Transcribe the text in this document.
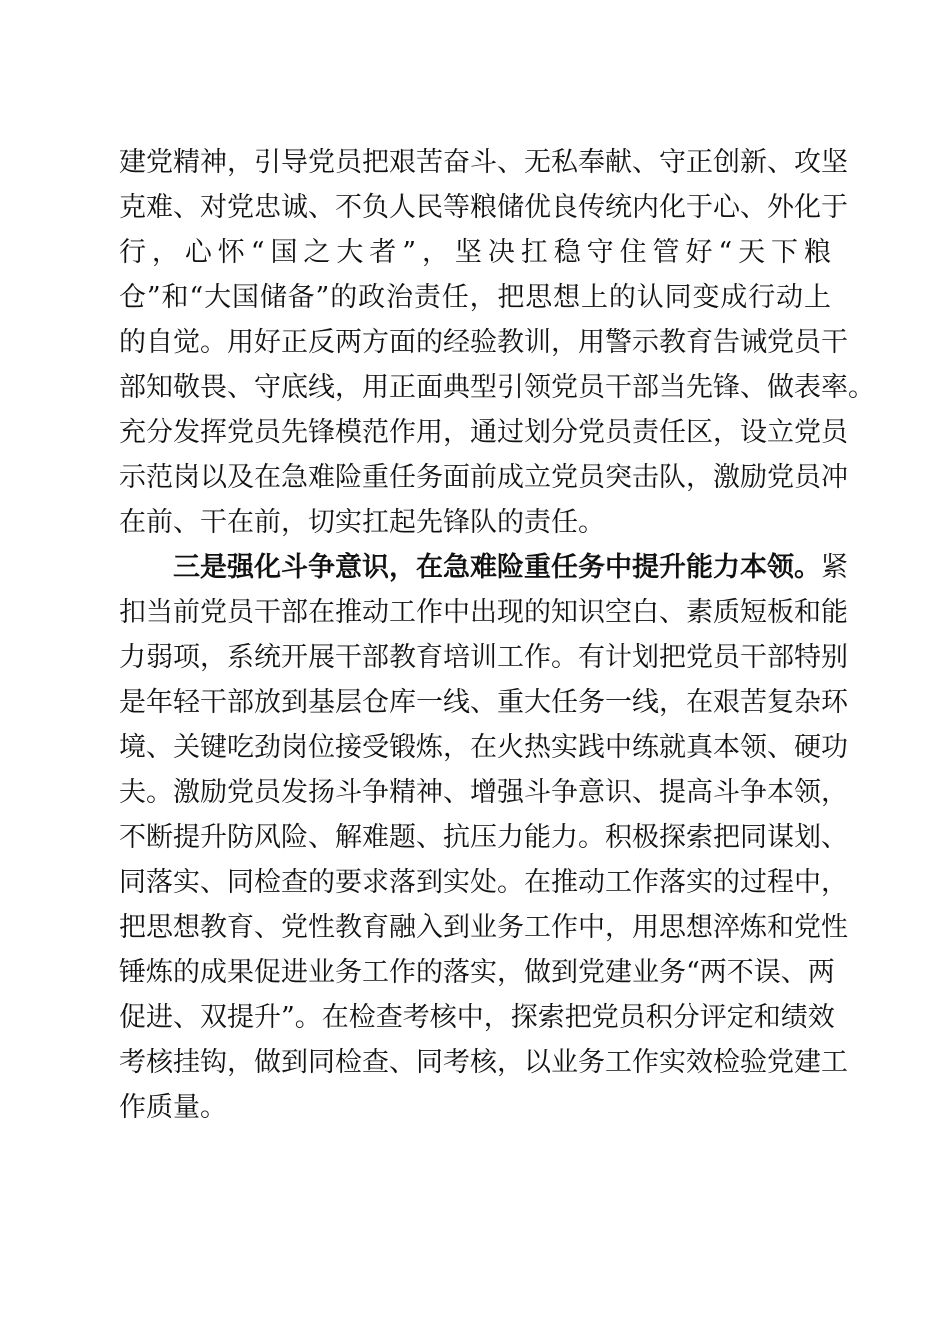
建党精神，引导党员把艰苦奋斗、无私奉献、守正创新、攻坚
克难、对党忠诚、不负人民等粮储优良传统内化于心、外化于
行，心怀“国之大者”，坚决扛稳守住管好“天下粮
仓”和“大国储备”的政治责任，把思想上的认同变成行动上
的自觉。用好正反两方面的经验教训，用警示教育告诫党员干
部知敬畏、守底线，用正面典型引领党员干部当先锋、做表率。
充分发挥党员先锋模范作用，通过划分党员责任区，设立党员
示范岗以及在急难险重任务面前成立党员突击队，激励党员冲
在前、干在前，切实扛起先锋队的责任。
三是强化斗争意识，在急难险重任务中提升能力本领。紧
扣当前党员干部在推动工作中出现的知识空白、素质短板和能
力弱项，系统开展干部教育培训工作。有计划把党员干部特别
是年轻干部放到基层仓库一线、重大任务一线，在艰苦复杂环
境、关键吃劲岗位接受锻炼，在火热实践中练就真本领、硬功
夫。激励党员发扬斗争精神、增强斗争意识、提高斗争本领，
不断提升防风险、解难题、抗压力能力。积极探索把同谋划、
同落实、同检查的要求落到实处。在推动工作落实的过程中，
把思想教育、党性教育融入到业务工作中，用思想淬炼和党性
锤炼的成果促进业务工作的落实，做到党建业务“两不误、两
促进、双提升”。在检查考核中，探索把党员积分评定和绩效
考核挂钩，做到同检查、同考核，以业务工作实效检验党建工
作质量。
